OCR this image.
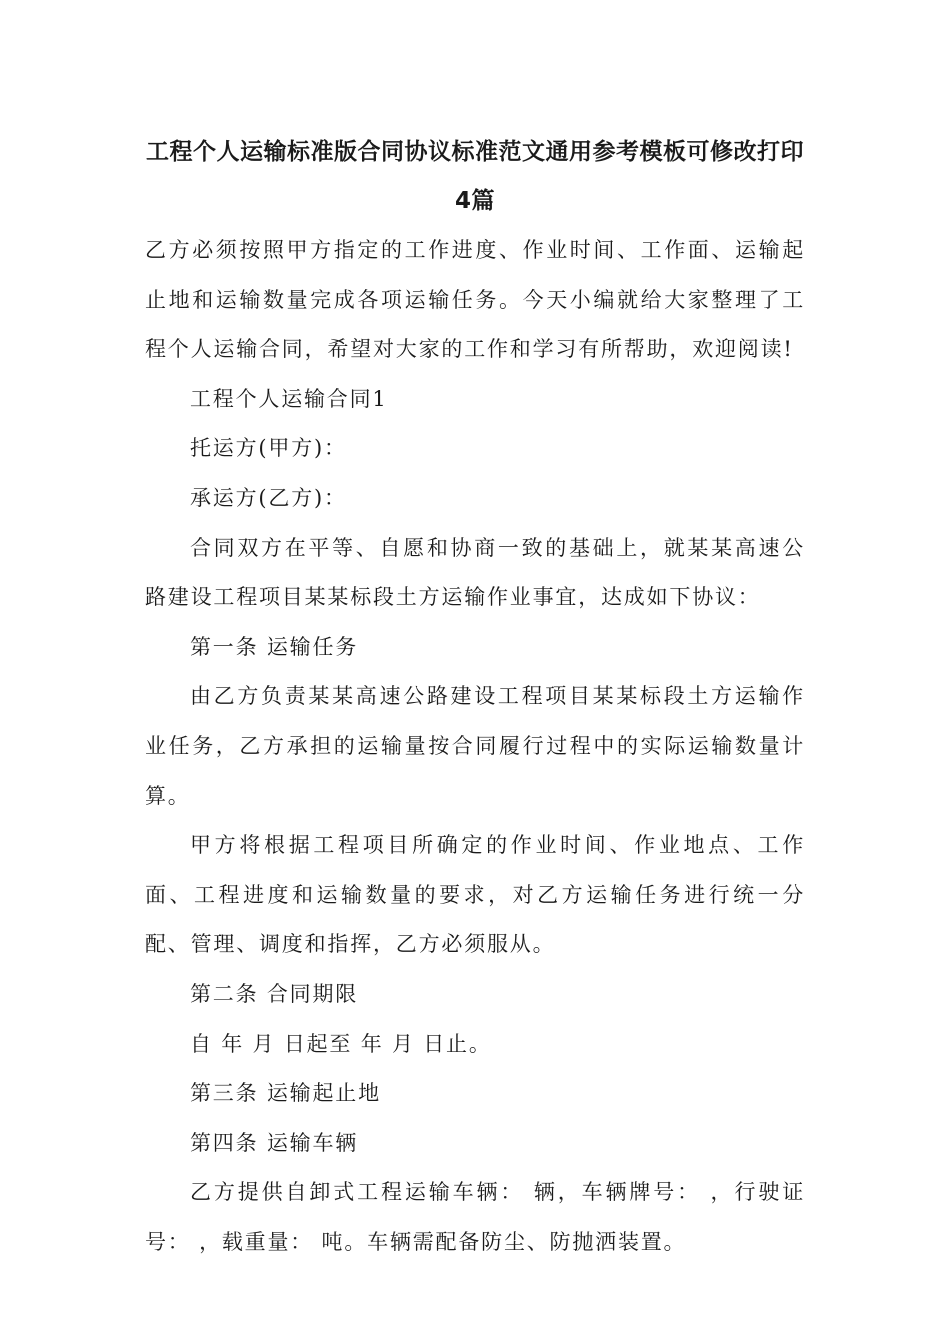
工程个人运输标准版合同协议标准范文通用参考模板可修改打印4篇

乙方必须按照甲方指定的工作进度、作业时间、工作面、运输起止地和运输数量完成各项运输任务。今天小编就给大家整理了工程个人运输合同，希望对大家的工作和学习有所帮助，欢迎阅读!

工程个人运输合同1

托运方(甲方)：

承运方(乙方)：

合同双方在平等、自愿和协商一致的基础上，就某某高速公路建设工程项目某某标段土方运输作业事宜，达成如下协议：

第一条 运输任务

由乙方负责某某高速公路建设工程项目某某标段土方运输作业任务，乙方承担的运输量按合同履行过程中的实际运输数量计算。

甲方将根据工程项目所确定的作业时间、作业地点、工作面、工程进度和运输数量的要求，对乙方运输任务进行统一分配、管理、调度和指挥，乙方必须服从。

第二条 合同期限

自 年 月 日起至 年 月 日止。

第三条 运输起止地

第四条 运输车辆

乙方提供自卸式工程运输车辆： 辆，车辆牌号： ，行驶证号： ，载重量： 吨。车辆需配备防尘、防抛洒装置。
